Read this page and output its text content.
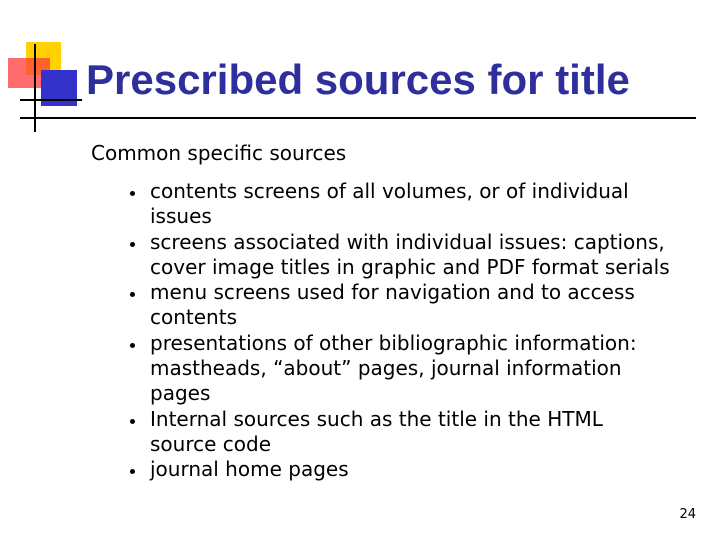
Prescribed sources for title

Common specific sources

contents screens of all volumes, or of individual issues
screens associated with individual issues: captions, cover image titles in graphic and PDF format serials
menu screens used for navigation and to access contents
presentations of other bibliographic information: mastheads, “about” pages, journal information pages
Internal sources such as the title in the HTML source code
journal home pages
24
